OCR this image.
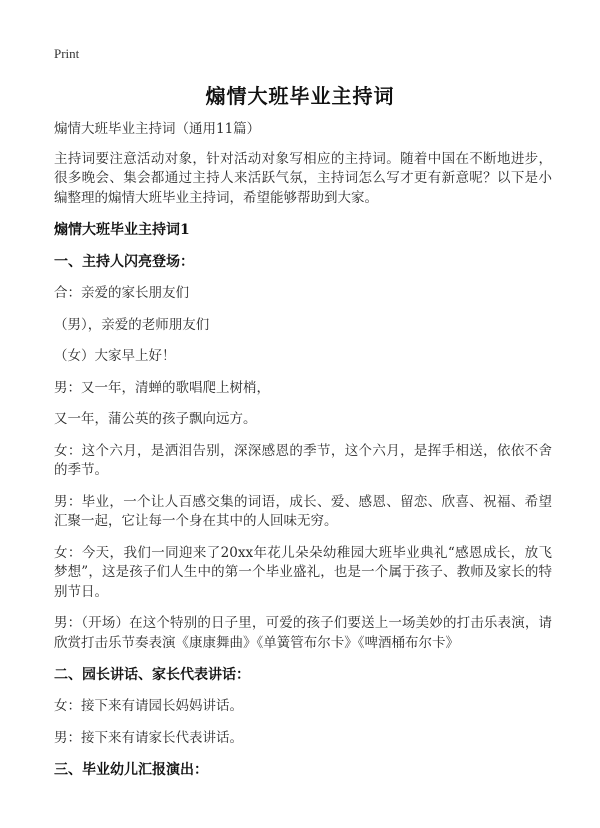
Print
煽情大班毕业主持词

煽情大班毕业主持词（通用11篇）

主持词要注意活动对象，针对活动对象写相应的主持词。随着中国在不断地进步，很多晚会、集会都通过主持人来活跃气氛，主持词怎么写才更有新意呢？以下是小编整理的煽情大班毕业主持词，希望能够帮助到大家。

煽情大班毕业主持词1
一、主持人闪亮登场：

合：亲爱的家长朋友们

（男），亲爱的老师朋友们

（女）大家早上好！

男：又一年，清蝉的歌唱爬上树梢，

又一年，蒲公英的孩子飘向远方。

女：这个六月，是洒泪告别，深深感恩的季节，这个六月，是挥手相送，依依不舍的季节。

男：毕业，一个让人百感交集的词语，成长、爱、感恩、留恋、欣喜、祝福、希望汇聚一起，它让每一个身在其中的人回味无穷。

女：今天，我们一同迎来了20xx年花儿朵朵幼稚园大班毕业典礼“感恩成长，放飞梦想”，这是孩子们人生中的第一个毕业盛礼，也是一个属于孩子、教师及家长的特别节日。

男：（开场）在这个特别的日子里，可爱的孩子们要送上一场美妙的打击乐表演，请欣赏打击乐节奏表演《康康舞曲》《单簧管布尔卡》《啤酒桶布尔卡》

二、园长讲话、家长代表讲话：

女：接下来有请园长妈妈讲话。

男：接下来有请家长代表讲话。

三、毕业幼儿汇报演出：
